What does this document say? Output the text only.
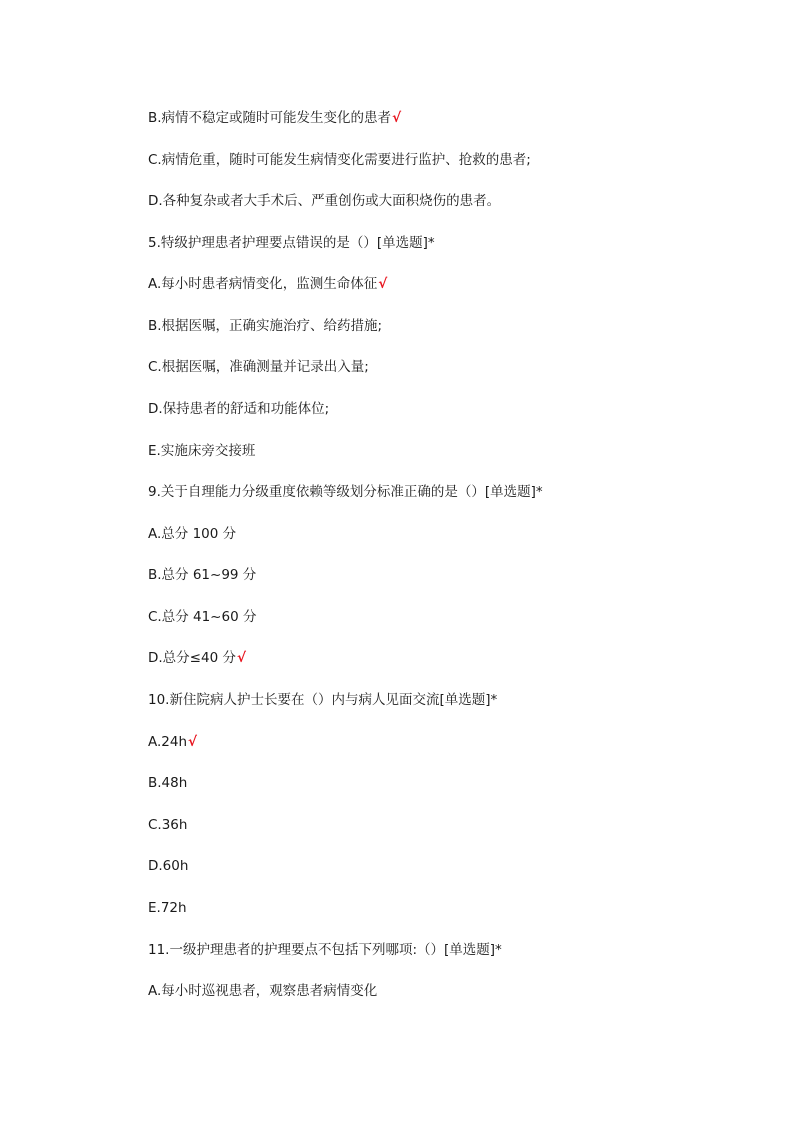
B.病情不稳定或随时可能发生变化的患者√
C.病情危重，随时可能发生病情变化需要进行监护、抢救的患者;
D.各种复杂或者大手术后、严重创伤或大面积烧伤的患者。
5.特级护理患者护理要点错误的是（）[单选题]*
A.每小时患者病情变化，监测生命体征√
B.根据医嘱，正确实施治疗、给药措施;
C.根据医嘱，准确测量并记录出入量;
D.保持患者的舒适和功能体位;
E.实施床旁交接班
9.关于自理能力分级重度依赖等级划分标准正确的是（）[单选题]*
A.总分 100 分
B.总分 61~99 分
C.总分 41~60 分
D.总分≤40 分√
10.新住院病人护士长要在（）内与病人见面交流[单选题]*
A.24h√
B.48h
C.36h
D.60h
E.72h
11.一级护理患者的护理要点不包括下列哪项:（）[单选题]*
A.每小时巡视患者，观察患者病情变化
